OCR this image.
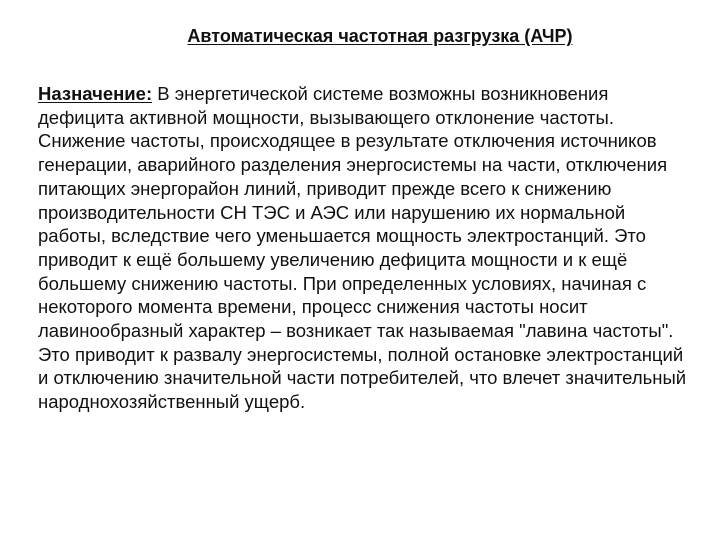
Автоматическая частотная разгрузка (АЧР)

Назначение: В энергетической системе возможны возникновения дефицита активной мощности, вызывающего отклонение частоты. Снижение частоты, происходящее в результате отключения источников генерации, аварийного разделения энергосистемы на части, отключения питающих энергорайон линий, приводит прежде всего к снижению производительности СН ТЭС и АЭС или нарушению их нормальной работы, вследствие чего уменьшается мощность электростанций. Это приводит к ещё большему увеличению дефицита мощности и к ещё большему снижению частоты. При определенных условиях, начиная с некоторого момента времени, процесс снижения частоты носит лавинообразный характер – возникает так называемая "лавина частоты". Это приводит к развалу энергосистемы, полной остановке электростанций и отключению значительной части потребителей, что влечет значительный народнохозяйственный ущерб.
